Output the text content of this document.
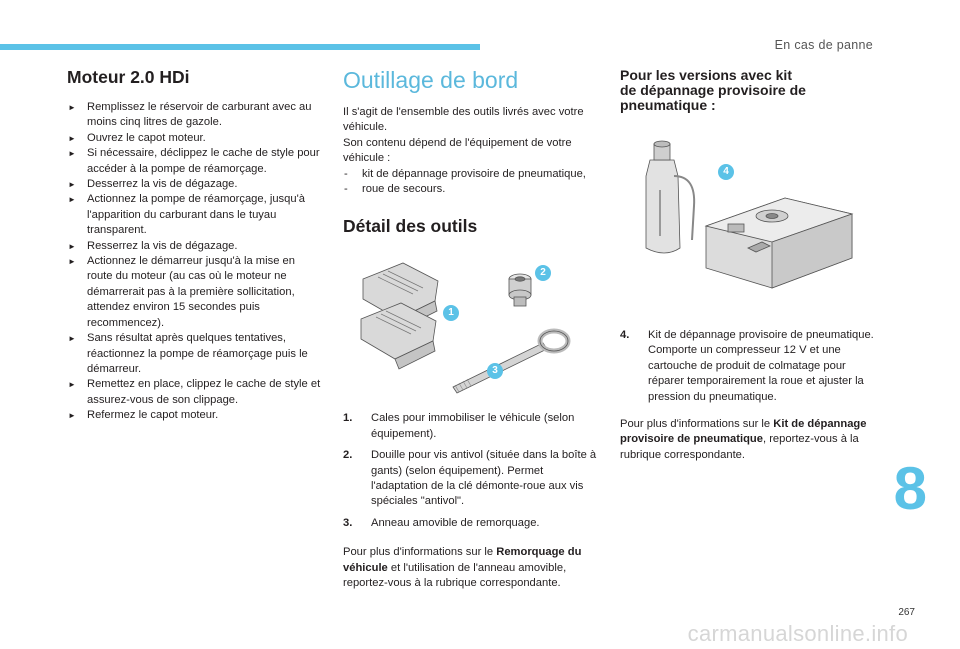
En cas de panne
Moteur 2.0 HDi
► Remplissez le réservoir de carburant avec au moins cinq litres de gazole.
► Ouvrez le capot moteur.
► Si nécessaire, déclippez le cache de style pour accéder à la pompe de réamorçage.
► Desserrez la vis de dégazage.
► Actionnez la pompe de réamorçage, jusqu'à l'apparition du carburant dans le tuyau transparent.
► Resserrez la vis de dégazage.
► Actionnez le démarreur jusqu'à la mise en route du moteur (au cas où le moteur ne démarrerait pas à la première sollicitation, attendez environ 15 secondes puis recommencez).
► Sans résultat après quelques tentatives, réactionnez la pompe de réamorçage puis le démarreur.
► Remettez en place, clippez le cache de style et assurez-vous de son clippage.
► Refermez le capot moteur.
Outillage de bord

Il s'agit de l'ensemble des outils livrés avec votre véhicule.

Son contenu dépend de l'équipement de votre véhicule :

- kit de dépannage provisoire de pneumatique,
- roue de secours.
Détail des outils
1
2
3
1. Cales pour immobiliser le véhicule (selon équipement).
2. Douille pour vis antivol (située dans la boîte à gants) (selon équipement). Permet l'adaptation de la clé démonte-roue aux vis spéciales "antivol".
3. Anneau amovible de remorquage.

Pour plus d'informations sur le Remorquage du véhicule et l'utilisation de l'anneau amovible, reportez-vous à la rubrique correspondante.

Pour les versions avec kit
de dépannage provisoire de
pneumatique :
4
4. Kit de dépannage provisoire de pneumatique.
Comporte un compresseur 12 V et une cartouche de produit de colmatage pour réparer temporairement la roue et ajuster la pression du pneumatique.

Pour plus d'informations sur le Kit de dépannage provisoire de pneumatique, reportez-vous à la rubrique correspondante.

8
267
carmanualsonline.info
